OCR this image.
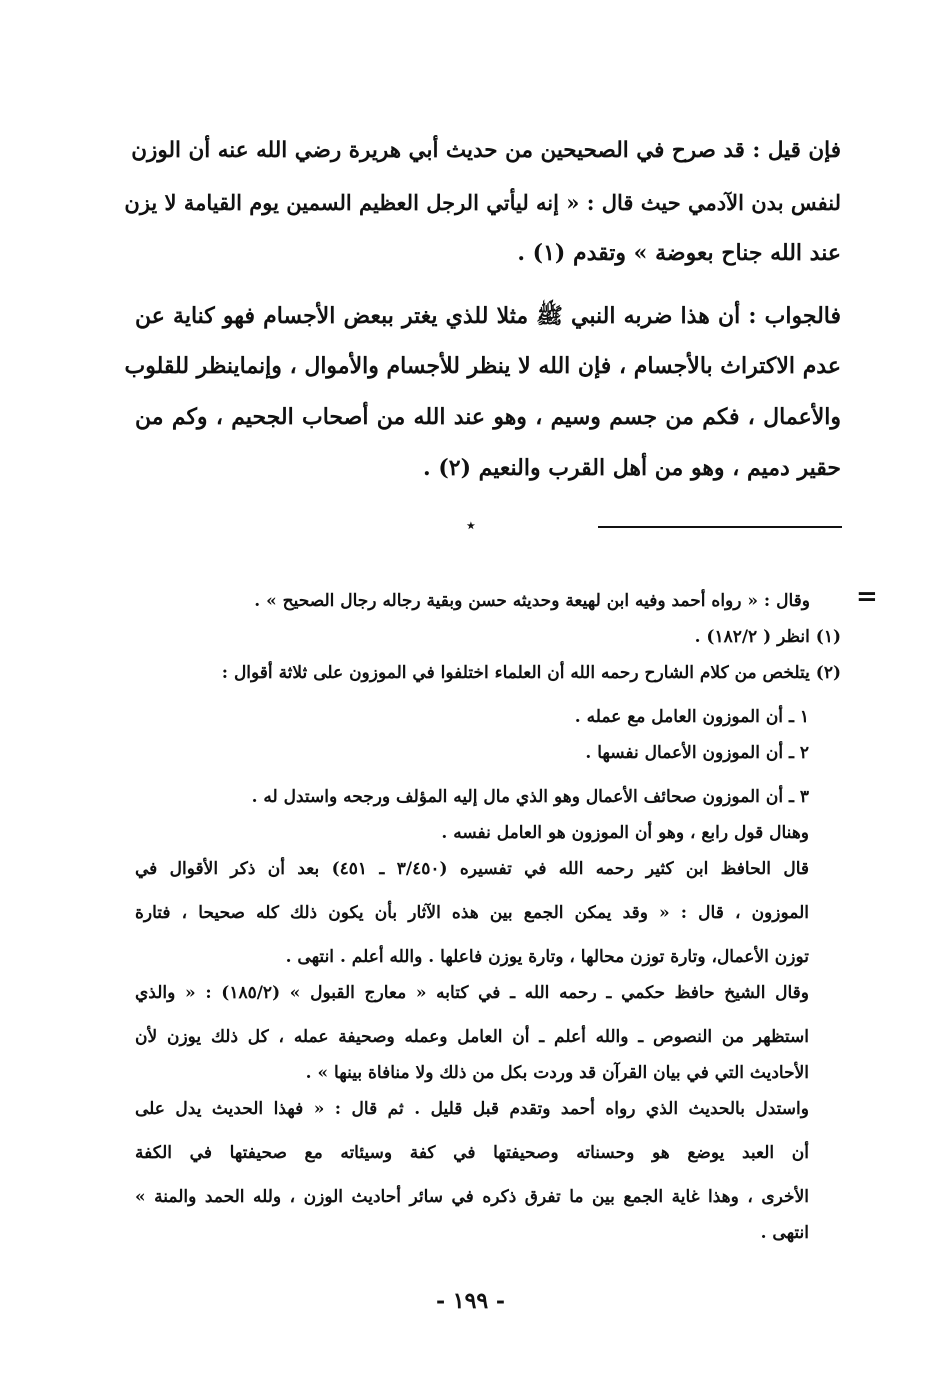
فإن قيل : قد صرح في الصحيحين من حديث أبي هريرة رضي الله عنه أن الوزن
لنفس بدن الآدمي حيث قال : « إنه ليأتي الرجل العظيم السمين يوم القيامة لا يزن
عند الله جناح بعوضة » وتقدم (١) .
فالجواب : أن هذا ضربه النبي ﷺ مثلا للذي يغتر ببعض الأجسام فهو كناية عن
عدم الاكتراث بالأجسام ، فإن الله لا ينظر للأجسام والأموال ، وإنماينظر للقلوب
والأعمال ، فكم من جسم وسيم ، وهو عند الله من أصحاب الجحيم ، وكم من
حقير دميم ، وهو من أهل القرب والنعيم (٢) .
٭
=
وقال : « رواه أحمد وفيه ابن لهيعة وحديثه حسن وبقية رجاله رجال الصحيح » .
(١) انظر ( ١٨٢/٢) .
(٢) يتلخص من كلام الشارح رحمه الله أن العلماء اختلفوا في الموزون على ثلاثة أقوال :
١ ـ أن الموزون العامل مع عمله .
٢ ـ أن الموزون الأعمال نفسها .
٣ ـ أن الموزون صحائف الأعمال وهو الذي مال إليه المؤلف ورجحه واستدل له .
وهنال قول رابع ، وهو أن الموزون هو العامل نفسه .
قال الحافظ ابن كثير رحمه الله في تفسيره (٣/٤٥٠ ـ ٤٥١) بعد أن ذكر الأقوال في
الموزون ، قال : « وقد يمكن الجمع بين هذه الآثار بأن يكون ذلك كله صحيحا ، فتارة
توزن الأعمال، وتارة توزن محالها ، وتارة يوزن فاعلها . والله أعلم . انتهى .
وقال الشيخ حافظ حكمي ـ رحمه الله ـ في كتابه « معارج القبول » (١٨٥/٢) : « والذي
استظهر من النصوص ـ والله أعلم ـ أن العامل وعمله وصحيفة عمله ، كل ذلك يوزن لأن
الأحاديث التي في بيان القرآن قد وردت بكل من ذلك ولا منافاة بينها » .
واستدل بالحديث الذي رواه أحمد وتقدم قبل قليل . ثم قال : « فهذا الحديث يدل على
أن العبد يوضع هو وحسناته وصحيفتها في كفة وسيئاته مع صحيفتها في الكفة
الأخرى ، وهذا غاية الجمع بين ما تفرق ذكره في سائر أحاديث الوزن ، ولله الحمد والمنة »
انتهى .
- ١٩٩ -
